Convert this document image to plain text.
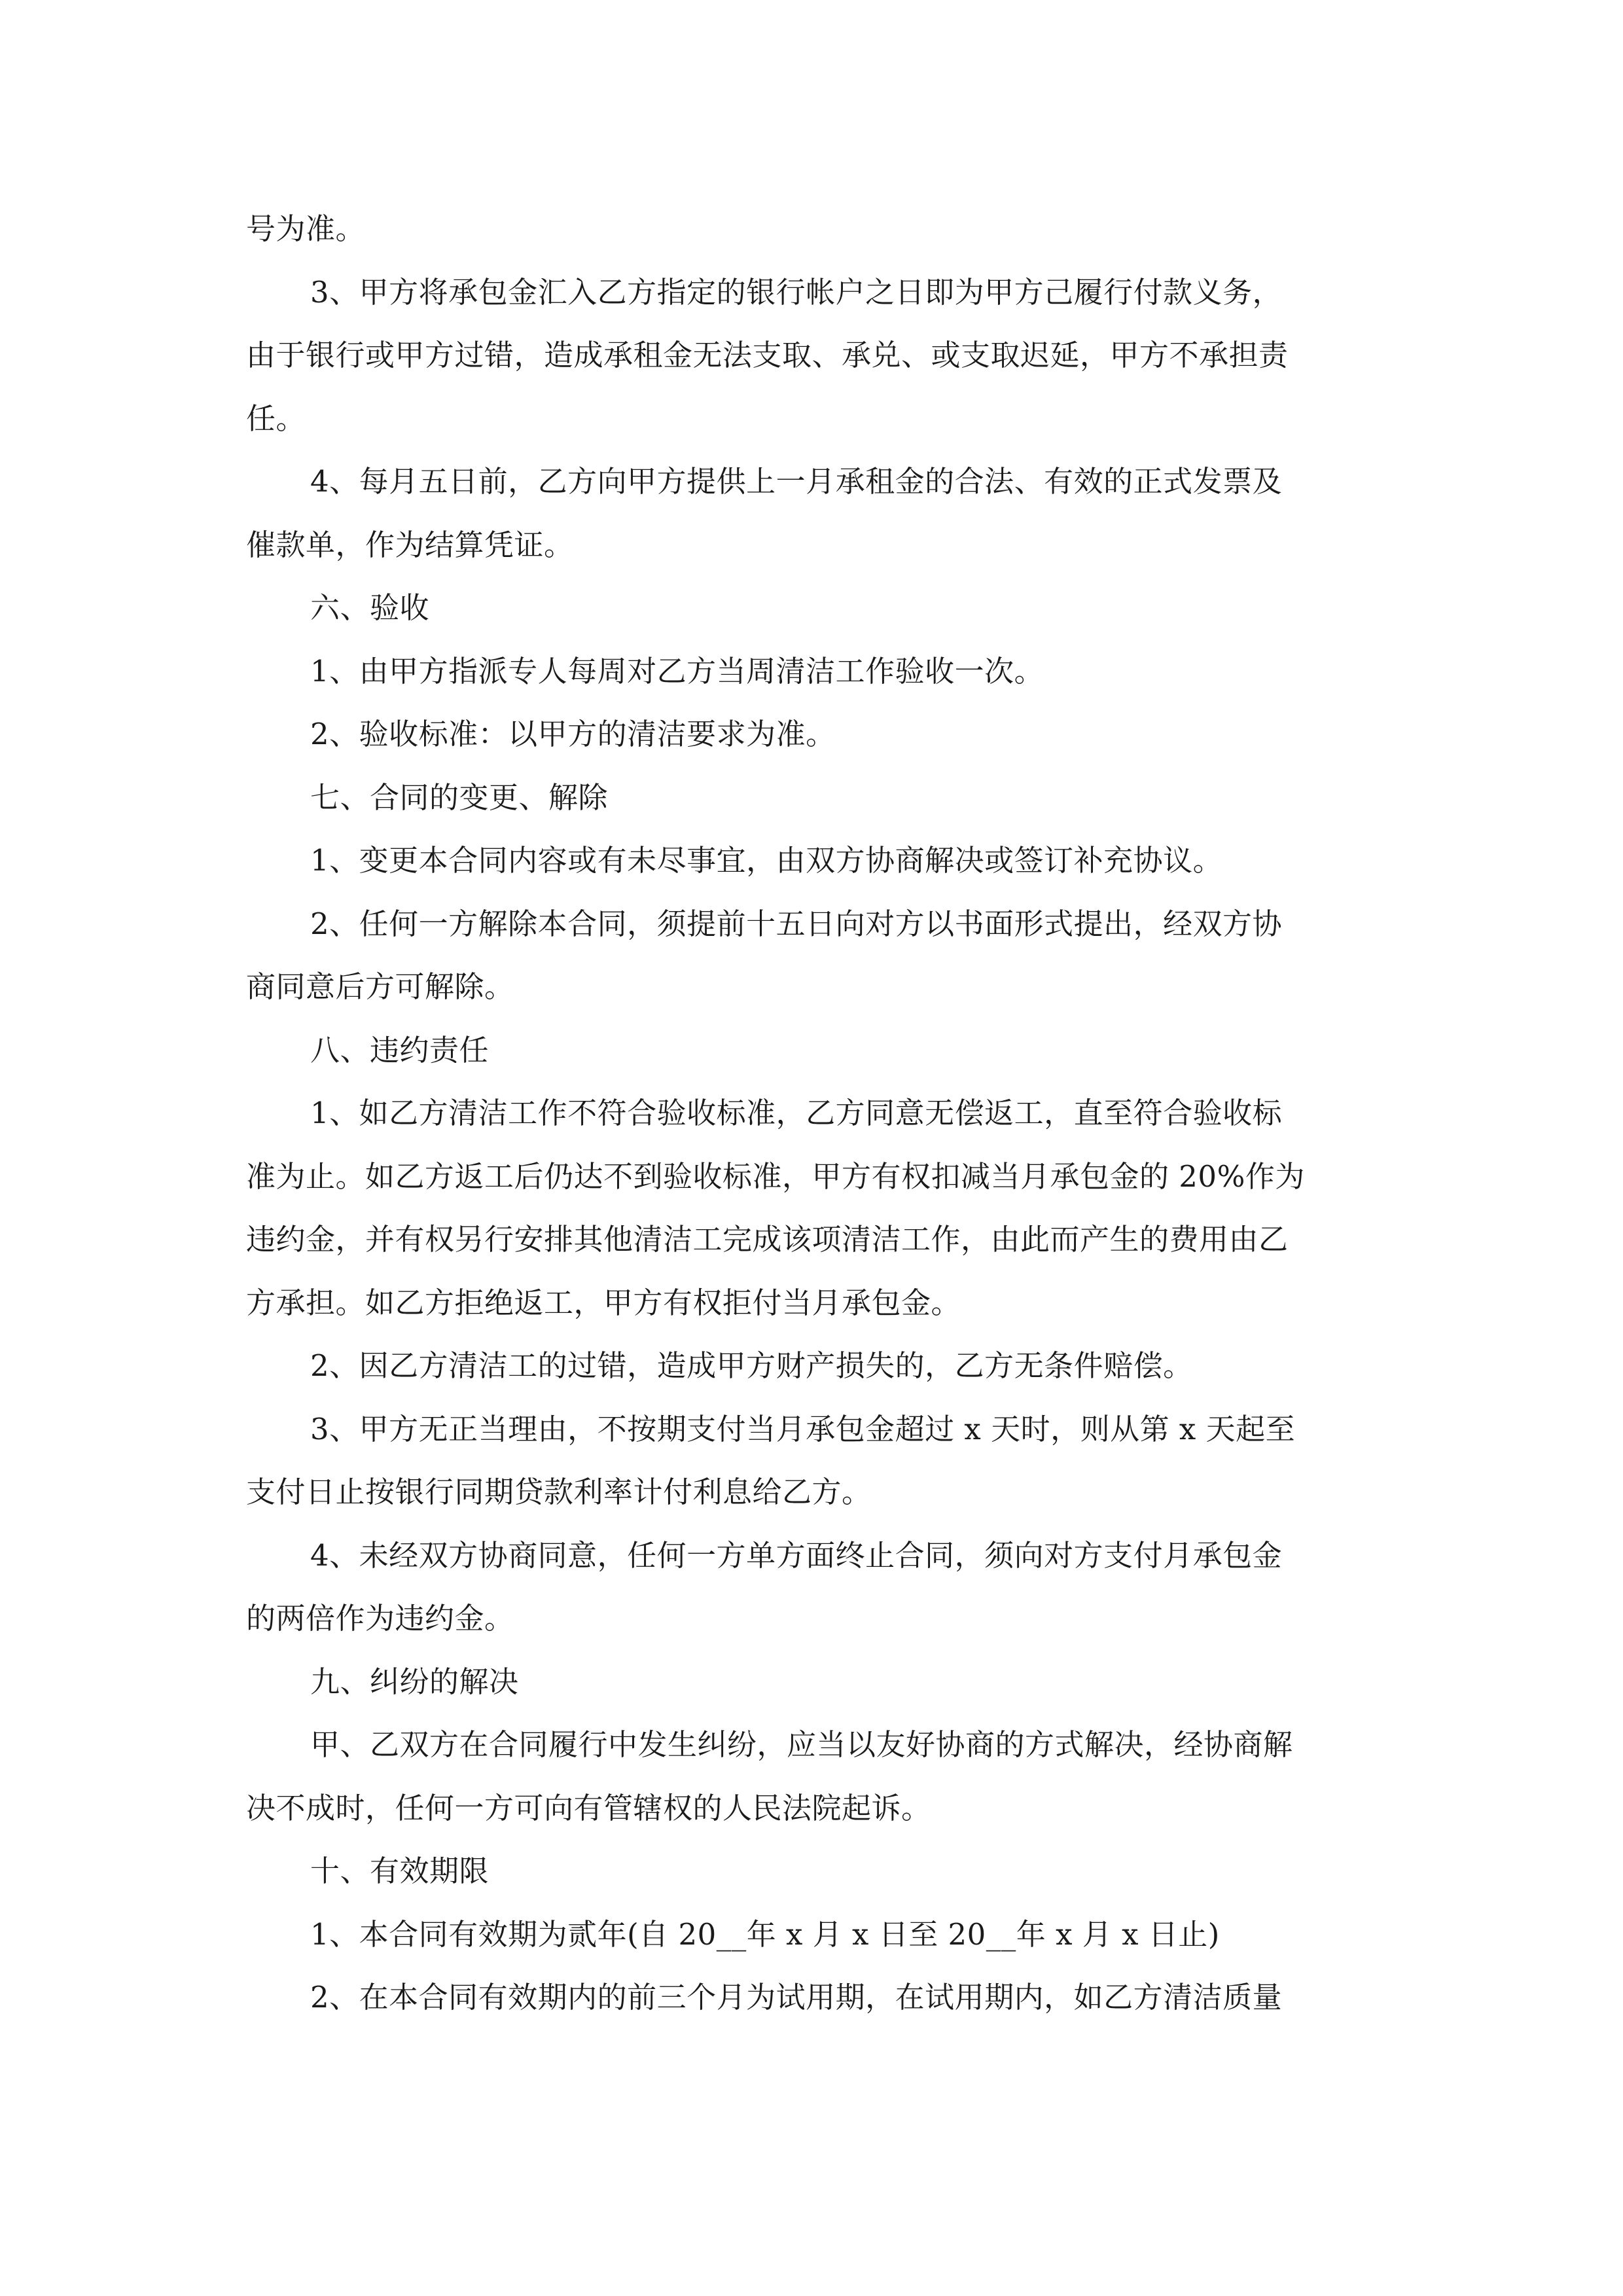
号为准。
3、甲方将承包金汇入乙方指定的银行帐户之日即为甲方己履行付款义务，
由于银行或甲方过错，造成承租金无法支取、承兑、或支取迟延，甲方不承担责
任。
4、每月五日前，乙方向甲方提供上一月承租金的合法、有效的正式发票及
催款单，作为结算凭证。
六、验收
1、由甲方指派专人每周对乙方当周清洁工作验收一次。
2、验收标准：以甲方的清洁要求为准。
七、合同的变更、解除
1、变更本合同内容或有未尽事宜，由双方协商解决或签订补充协议。
2、任何一方解除本合同，须提前十五日向对方以书面形式提出，经双方协
商同意后方可解除。
八、违约责任
1、如乙方清洁工作不符合验收标准，乙方同意无偿返工，直至符合验收标
准为止。如乙方返工后仍达不到验收标准，甲方有权扣减当月承包金的 20%作为
违约金，并有权另行安排其他清洁工完成该项清洁工作，由此而产生的费用由乙
方承担。如乙方拒绝返工，甲方有权拒付当月承包金。
2、因乙方清洁工的过错，造成甲方财产损失的，乙方无条件赔偿。
3、甲方无正当理由，不按期支付当月承包金超过 x 天时，则从第 x 天起至
支付日止按银行同期贷款利率计付利息给乙方。
4、未经双方协商同意，任何一方单方面终止合同，须向对方支付月承包金
的两倍作为违约金。
九、纠纷的解决
甲、乙双方在合同履行中发生纠纷，应当以友好协商的方式解决，经协商解
决不成时，任何一方可向有管辖权的人民法院起诉。
十、有效期限
1、本合同有效期为贰年(自 20__年 x 月 x 日至 20__年 x 月 x 日止)
2、在本合同有效期内的前三个月为试用期，在试用期内，如乙方清洁质量
